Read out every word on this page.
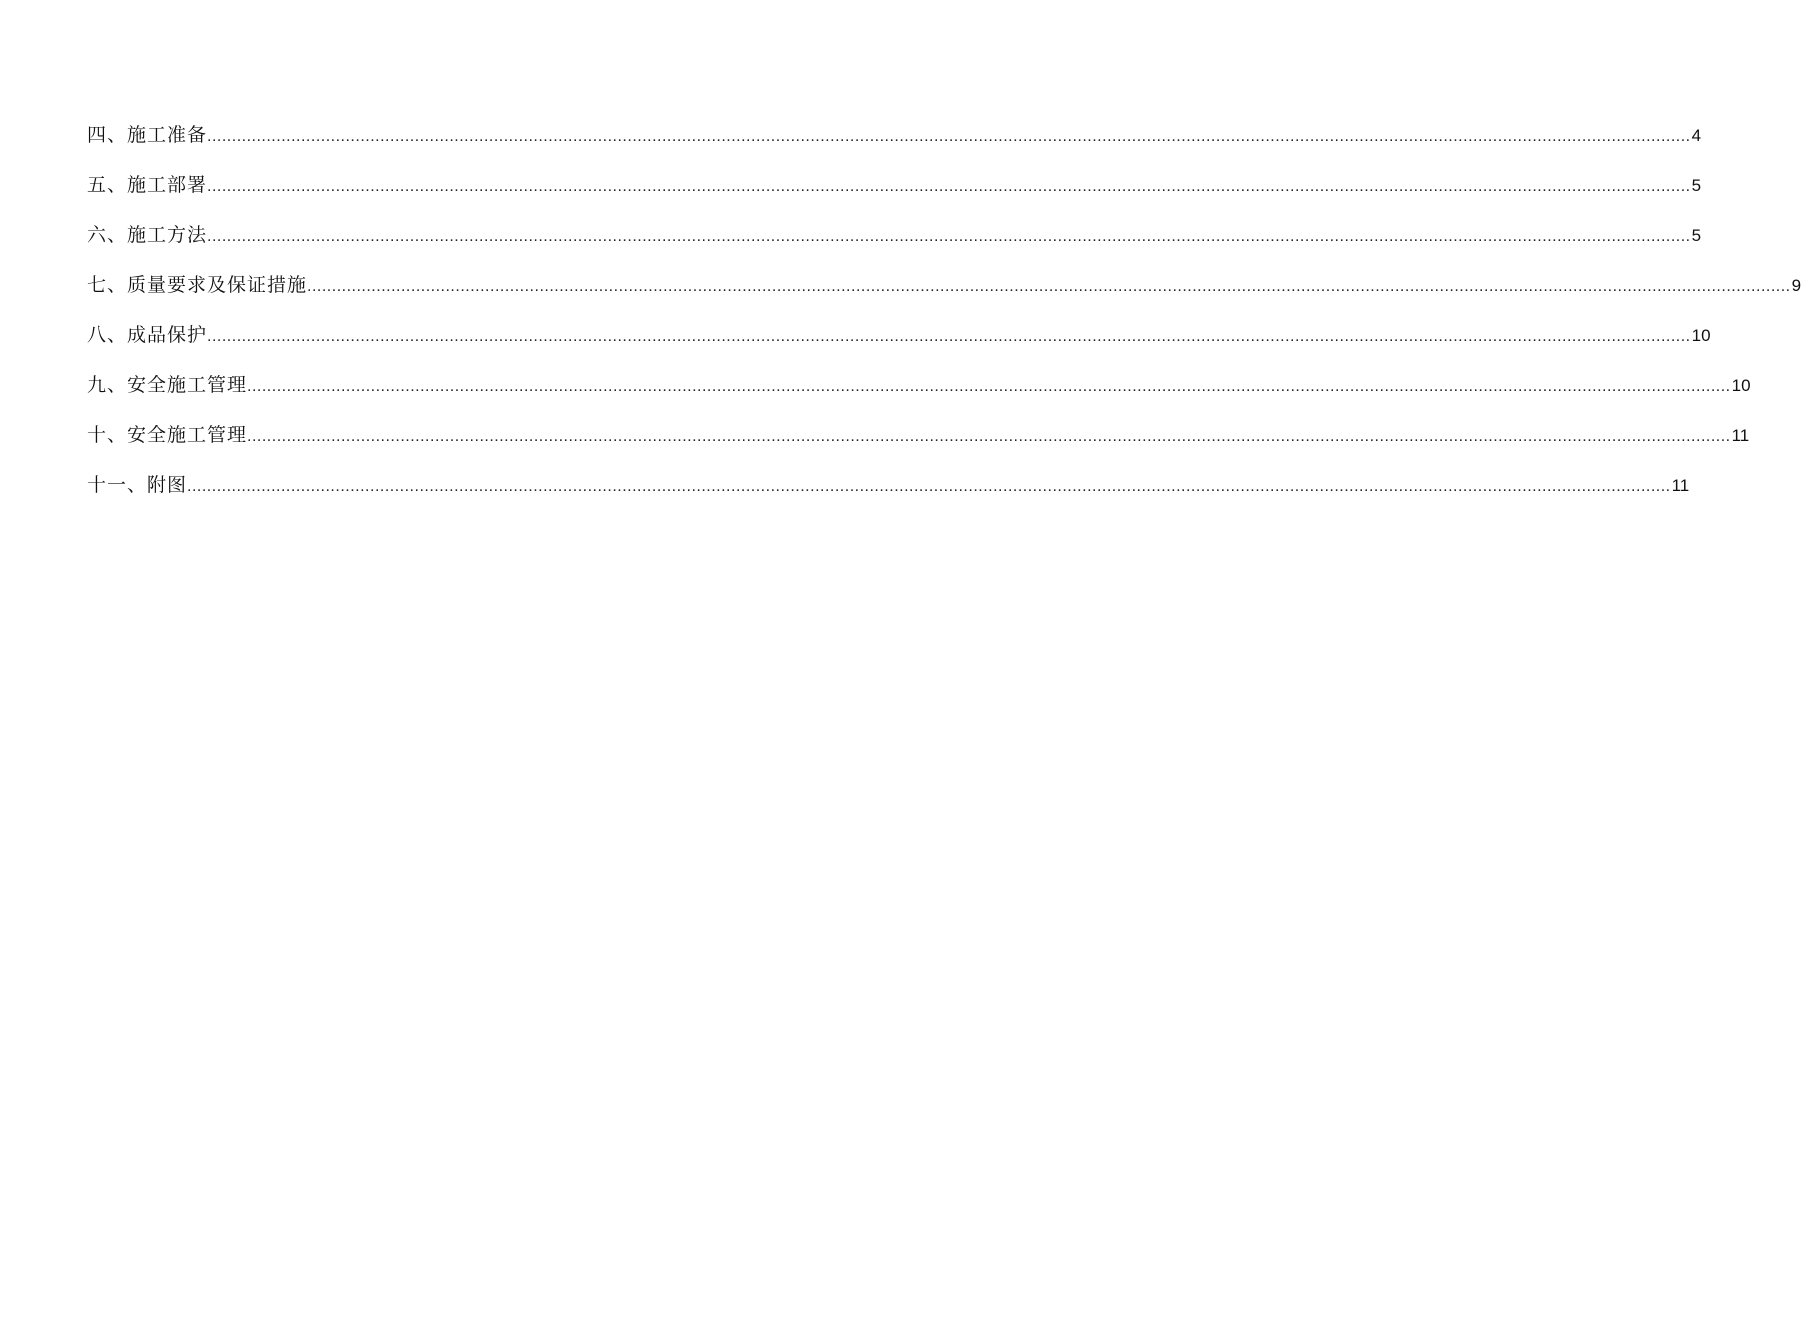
四、施工准备 ............................................................................................................................................................................................................................................................................................................ 4
五、施工部署 ............................................................................................................................................................................................................................................................................................................ 5
六、施工方法 ............................................................................................................................................................................................................................................................................................................ 5
七、质量要求及保证措施 ............................................................................................................................................................................................................................................................................................................ 9
八、成品保护 ............................................................................................................................................................................................................................................................................................................ 10
九、安全施工管理 ............................................................................................................................................................................................................................................................................................................ 10
十、安全施工管理 ............................................................................................................................................................................................................................................................................................................ 11
十一、附图 ............................................................................................................................................................................................................................................................................................................ 11
